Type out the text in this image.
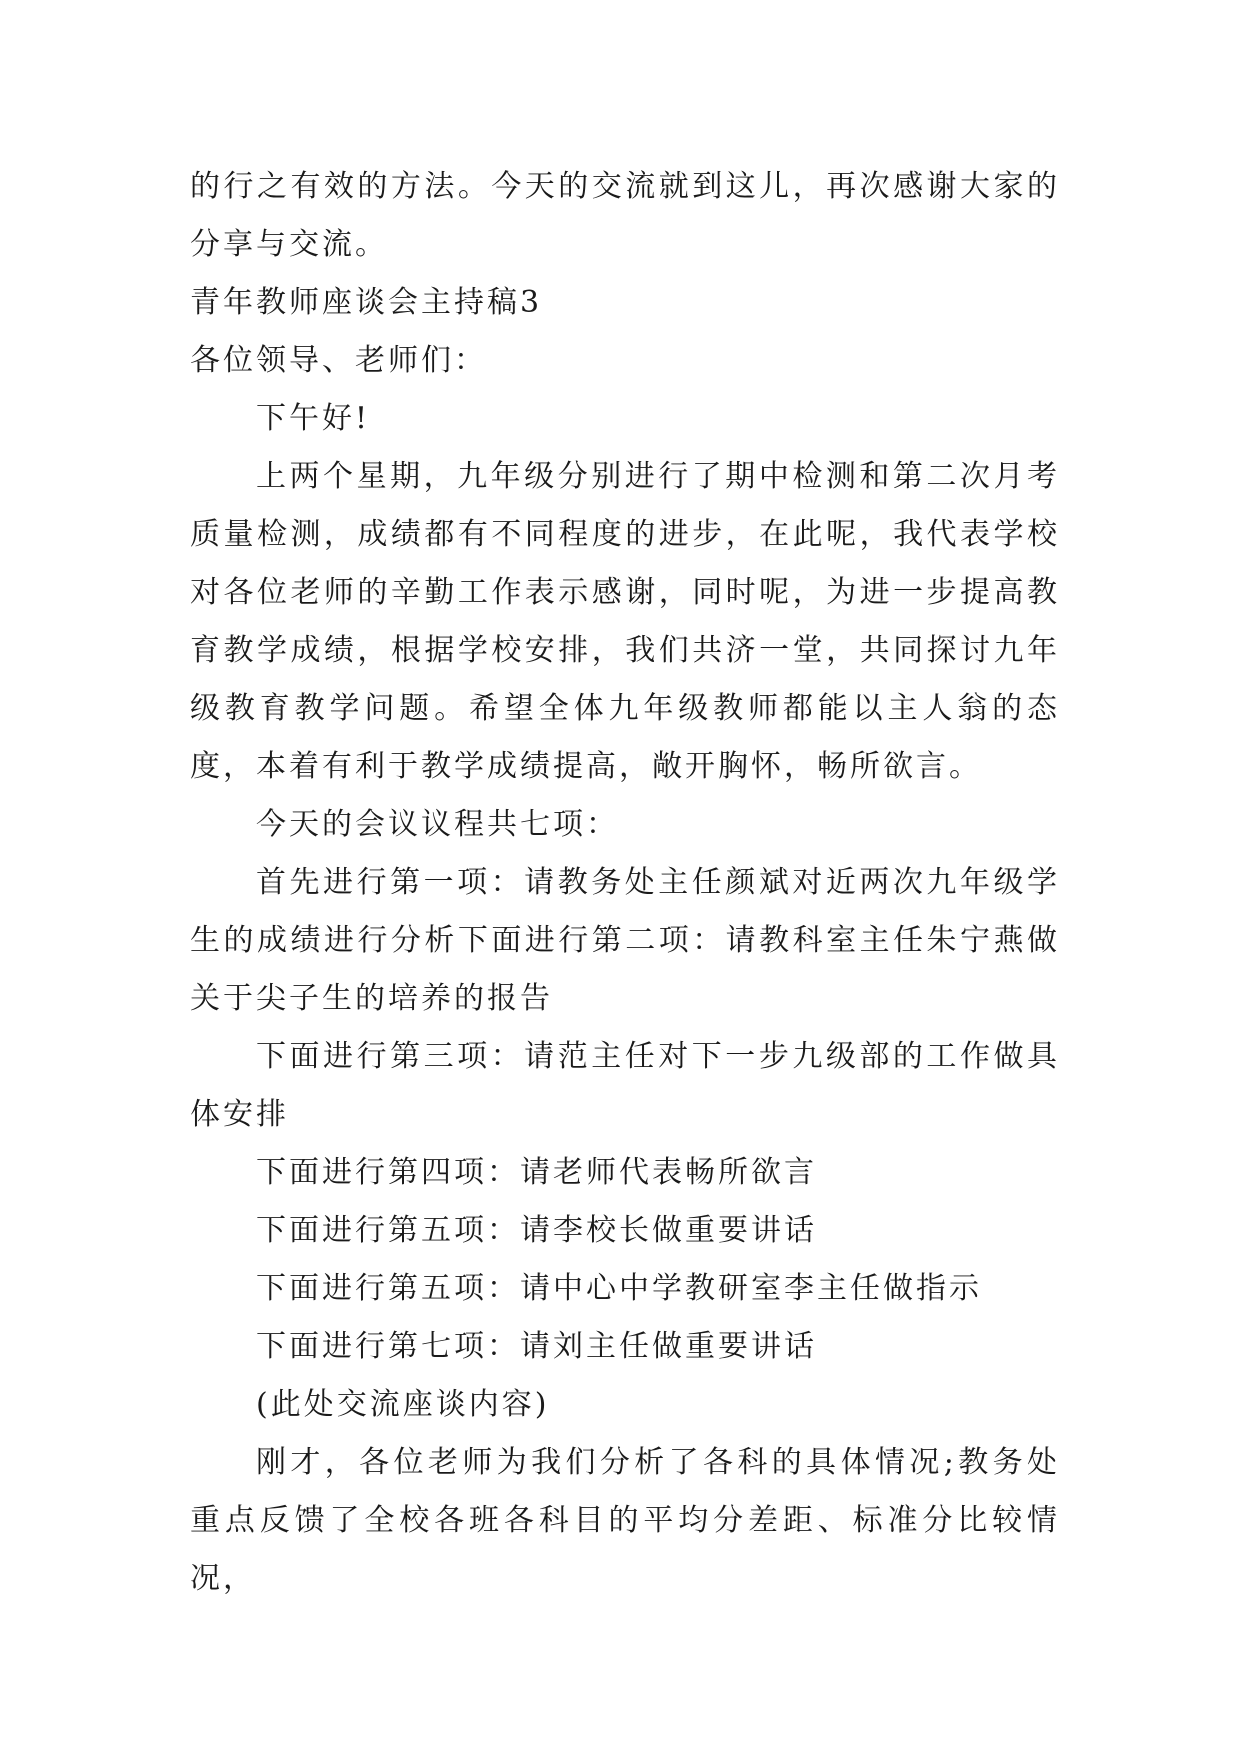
的行之有效的方法。今天的交流就到这儿，再次感谢大家的分享与交流。

青年教师座谈会主持稿3

各位领导、老师们：

下午好!

上两个星期，九年级分别进行了期中检测和第二次月考质量检测，成绩都有不同程度的进步，在此呢，我代表学校对各位老师的辛勤工作表示感谢，同时呢，为进一步提高教育教学成绩，根据学校安排，我们共济一堂，共同探讨九年级教育教学问题。希望全体九年级教师都能以主人翁的态度，本着有利于教学成绩提高，敞开胸怀，畅所欲言。

今天的会议议程共七项：

首先进行第一项：请教务处主任颜斌对近两次九年级学生的成绩进行分析下面进行第二项：请教科室主任朱宁燕做关于尖子生的培养的报告

下面进行第三项：请范主任对下一步九级部的工作做具体安排

下面进行第四项：请老师代表畅所欲言

下面进行第五项：请李校长做重要讲话

下面进行第五项：请中心中学教研室李主任做指示

下面进行第七项：请刘主任做重要讲话

(此处交流座谈内容)

刚才，各位老师为我们分析了各科的具体情况;教务处重点反馈了全校各班各科目的平均分差距、标准分比较情况，
